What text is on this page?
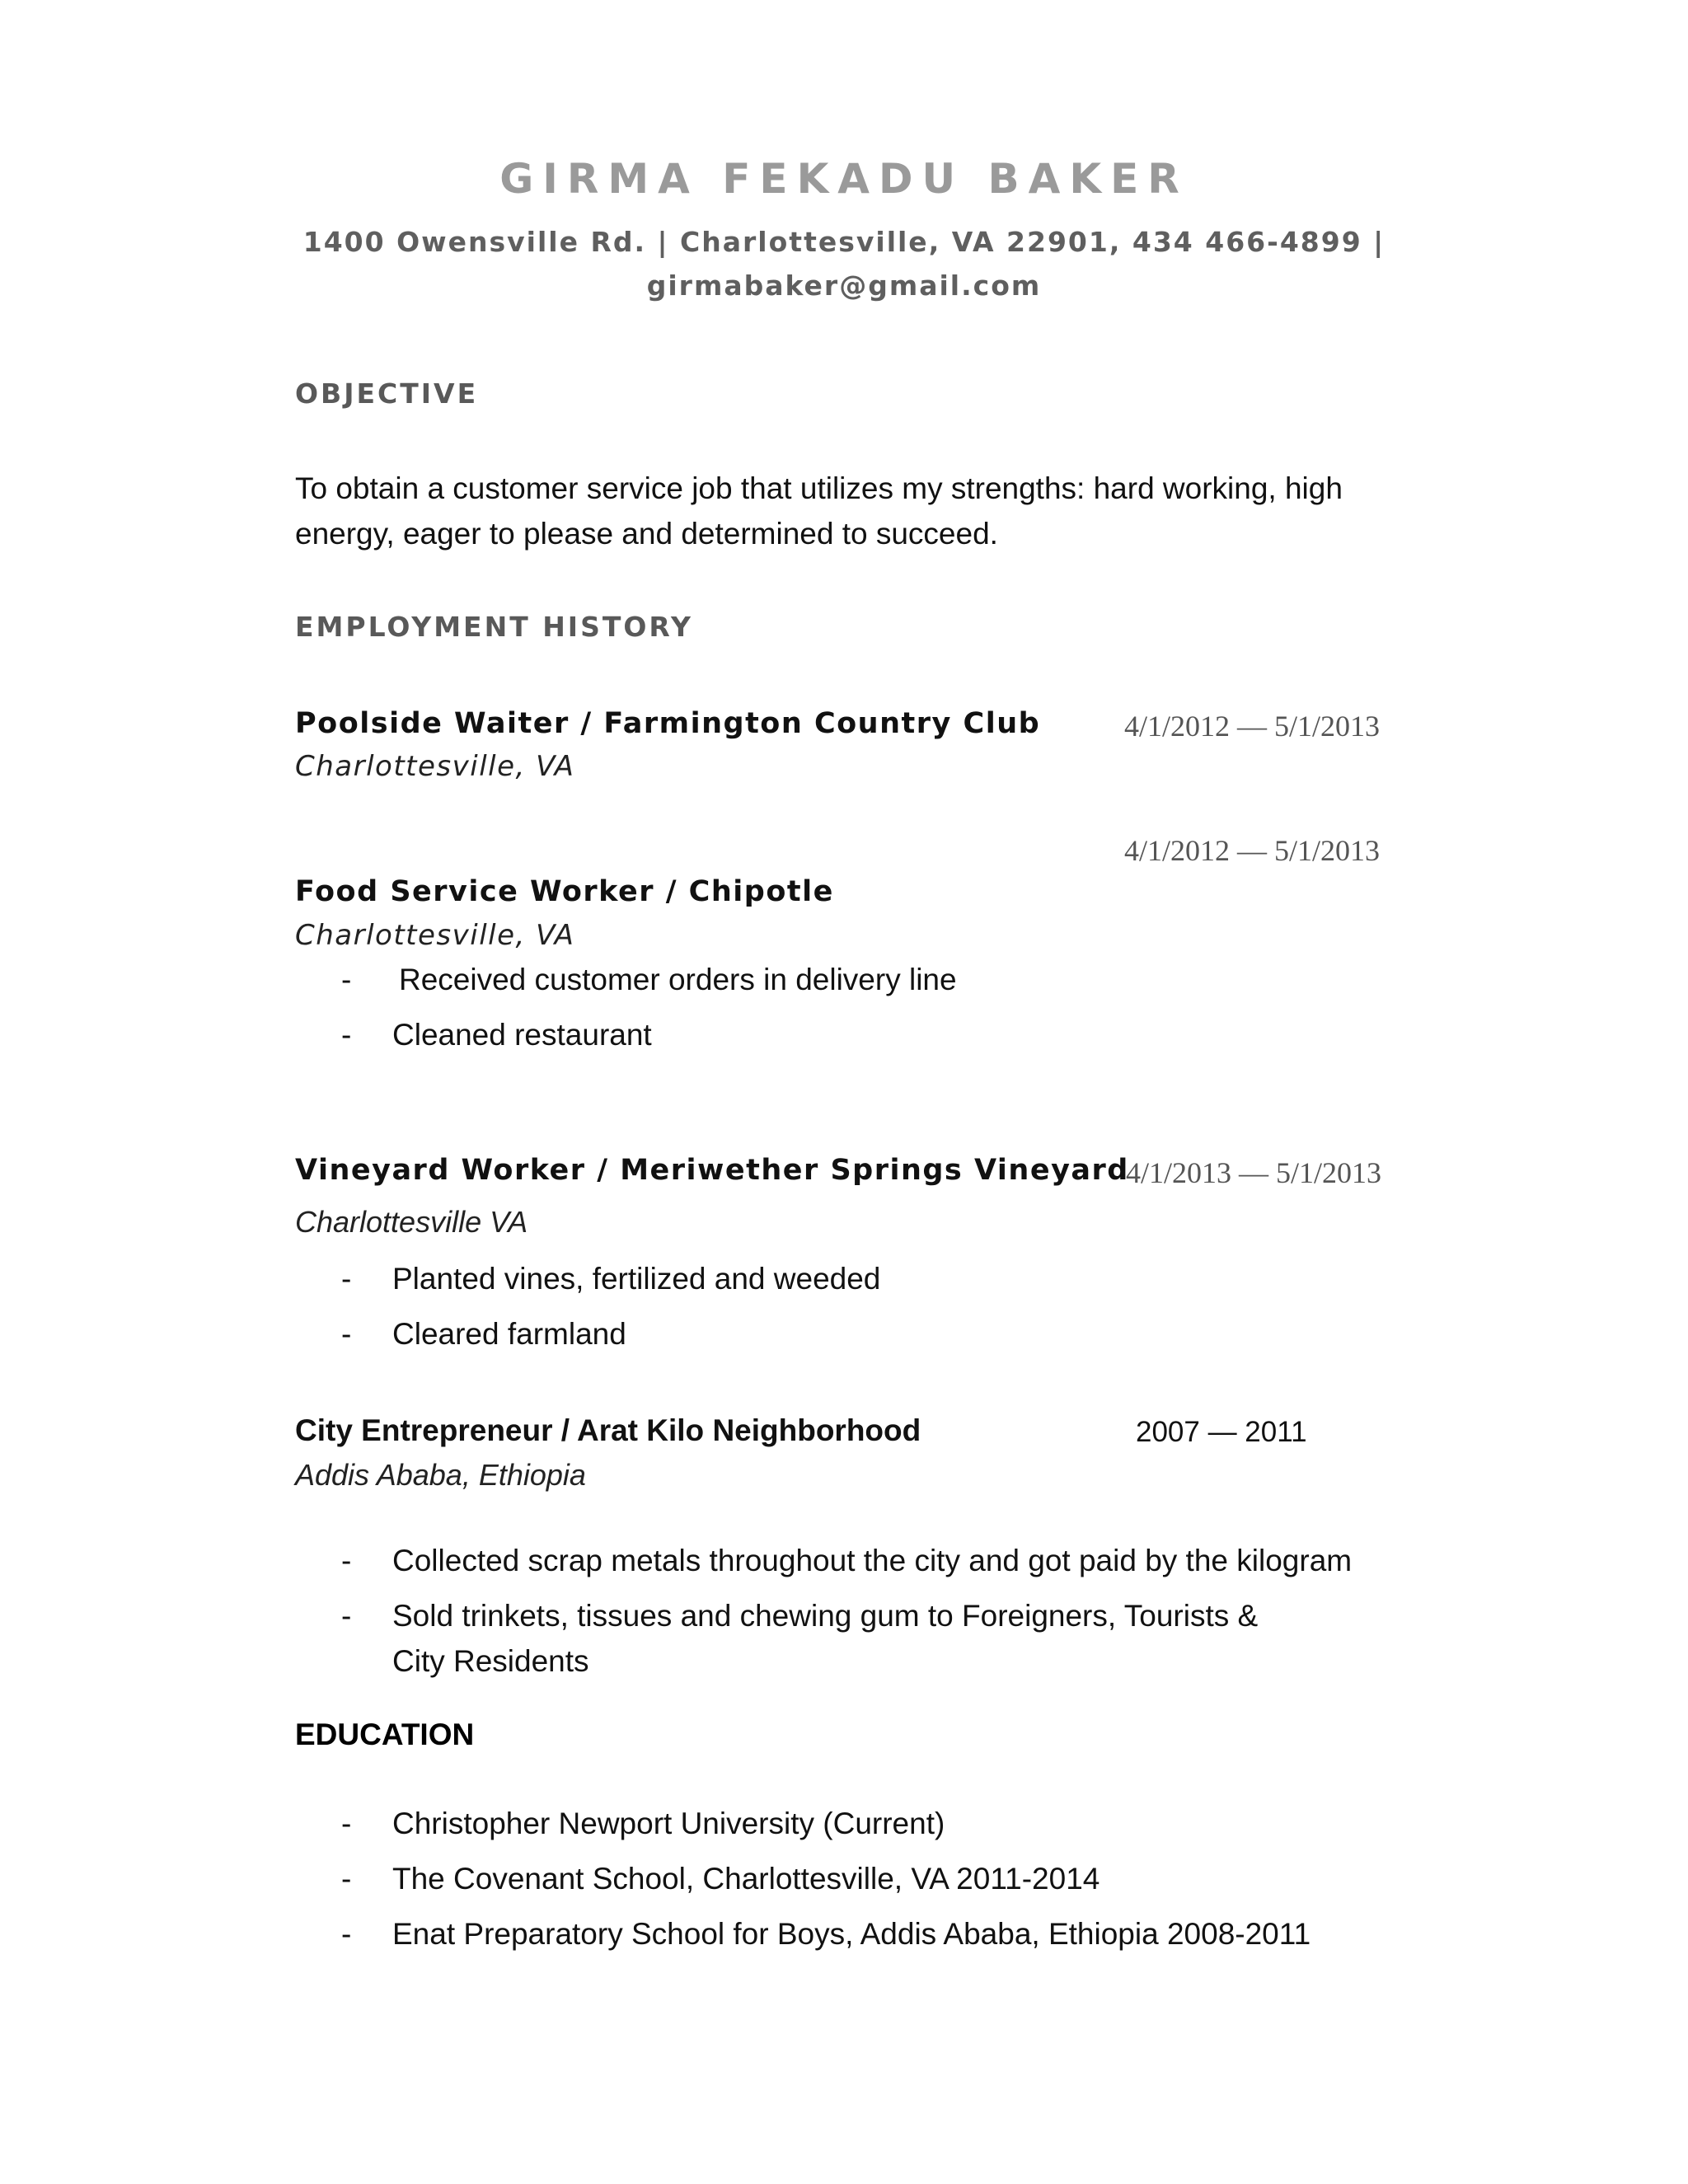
GIRMA FEKADU BAKER
1400 Owensville Rd. | Charlottesville, VA 22901, 434 466-4899 |
girmabaker@gmail.com
OBJECTIVE
To obtain a customer service job that utilizes my strengths: hard working, high energy, eager to please and determined to succeed.
EMPLOYMENT HISTORY
Poolside Waiter / Farmington Country Club	4/1/2012 — 5/1/2013
Charlottesville, VA
4/1/2012 — 5/1/2013
Food Service Worker / Chipotle
Charlottesville, VA
- Received customer orders in delivery line
- Cleaned restaurant
Vineyard Worker / Meriwether Springs Vineyard
4/1/2013 — 5/1/2013
Charlottesville VA
- Planted vines, fertilized and weeded
- Cleared farmland
City Entrepreneur / Arat Kilo Neighborhood	2007 — 2011
Addis Ababa, Ethiopia
- Collected scrap metals throughout the city and got paid by the kilogram
- Sold trinkets, tissues and chewing gum to Foreigners, Tourists & City Residents
EDUCATION
- Christopher Newport University (Current)
- The Covenant School, Charlottesville, VA 2011-2014
- Enat Preparatory School for Boys, Addis Ababa, Ethiopia 2008-2011
